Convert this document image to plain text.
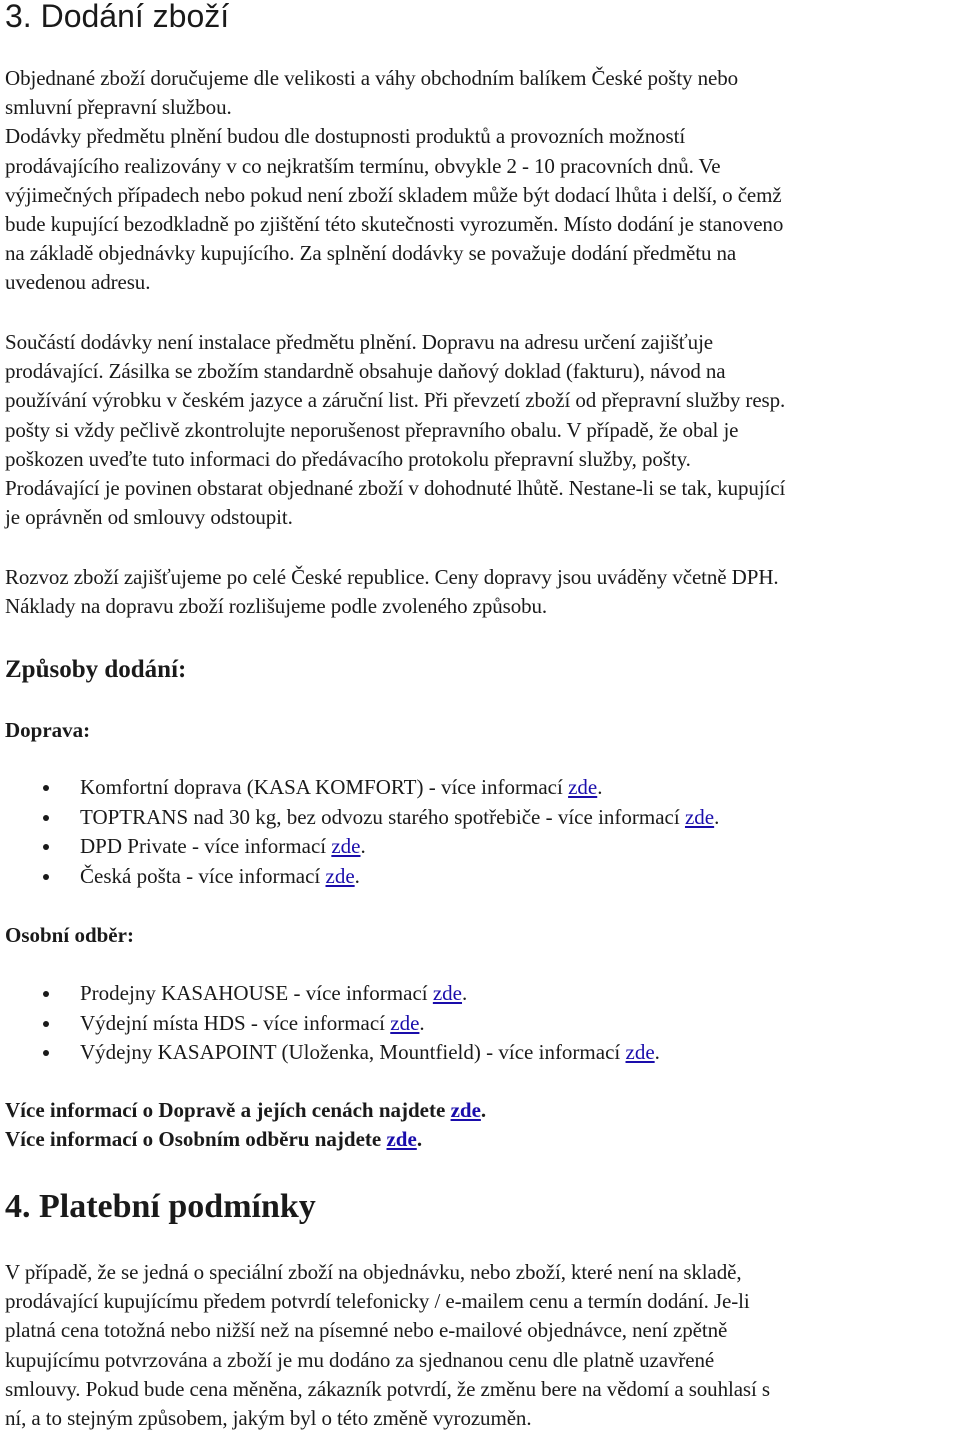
3. Dodání zboží
Objednané zboží doručujeme dle velikosti a váhy obchodním balíkem České pošty nebo
smluvní přepravní službou.
Dodávky předmětu plnění budou dle dostupnosti produktů a provozních možností
prodávajícího realizovány v co nejkratším termínu, obvykle 2 - 10 pracovních dnů. Ve
výjimečných případech nebo pokud není zboží skladem může být dodací lhůta i delší, o čemž
bude kupující bezodkladně po zjištění této skutečnosti vyrozuměn. Místo dodání je stanoveno
na základě objednávky kupujícího. Za splnění dodávky se považuje dodání předmětu na
uvedenou adresu.
Součástí dodávky není instalace předmětu plnění. Dopravu na adresu určení zajišťuje
prodávající. Zásilka se zbožím standardně obsahuje daňový doklad (fakturu), návod na
používání výrobku v českém jazyce a záruční list. Při převzetí zboží od přepravní služby resp.
pošty si vždy pečlivě zkontrolujte neporušenost přepravního obalu. V případě, že obal je
poškozen uveďte tuto informaci do předávacího protokolu přepravní služby, pošty.
Prodávající je povinen obstarat objednané zboží v dohodnuté lhůtě. Nestane-li se tak, kupující
je oprávněn od smlouvy odstoupit.
Rozvoz zboží zajišťujeme po celé České republice. Ceny dopravy jsou uváděny včetně DPH.
Náklady na dopravu zboží rozlišujeme podle zvoleného způsobu.
Způsoby dodání:
Doprava:
Komfortní doprava (KASA KOMFORT) - více informací zde.
TOPTRANS nad 30 kg, bez odvozu starého spotřebiče - více informací zde.
DPD Private - více informací zde.
Česká pošta - více informací zde.
Osobní odběr:
Prodejny KASAHOUSE - více informací zde.
Výdejní místa HDS - více informací zde.
Výdejny KASAPOINT (Uloženka, Mountfield) - více informací zde.

Více informací o Dopravě a jejích cenách najdete zde.

Více informací o Osobním odběru najdete zde.

4. Platební podmínky
V případě, že se jedná o speciální zboží na objednávku, nebo zboží, které není na skladě,
prodávající kupujícímu předem potvrdí telefonicky / e-mailem cenu a termín dodání. Je-li
platná cena totožná nebo nižší než na písemné nebo e-mailové objednávce, není zpětně
kupujícímu potvrzována a zboží je mu dodáno za sjednanou cenu dle platně uzavřené
smlouvy. Pokud bude cena měněna, zákazník potvrdí, že změnu bere na vědomí a souhlasí s
ní, a to stejným způsobem, jakým byl o této změně vyrozuměn.
